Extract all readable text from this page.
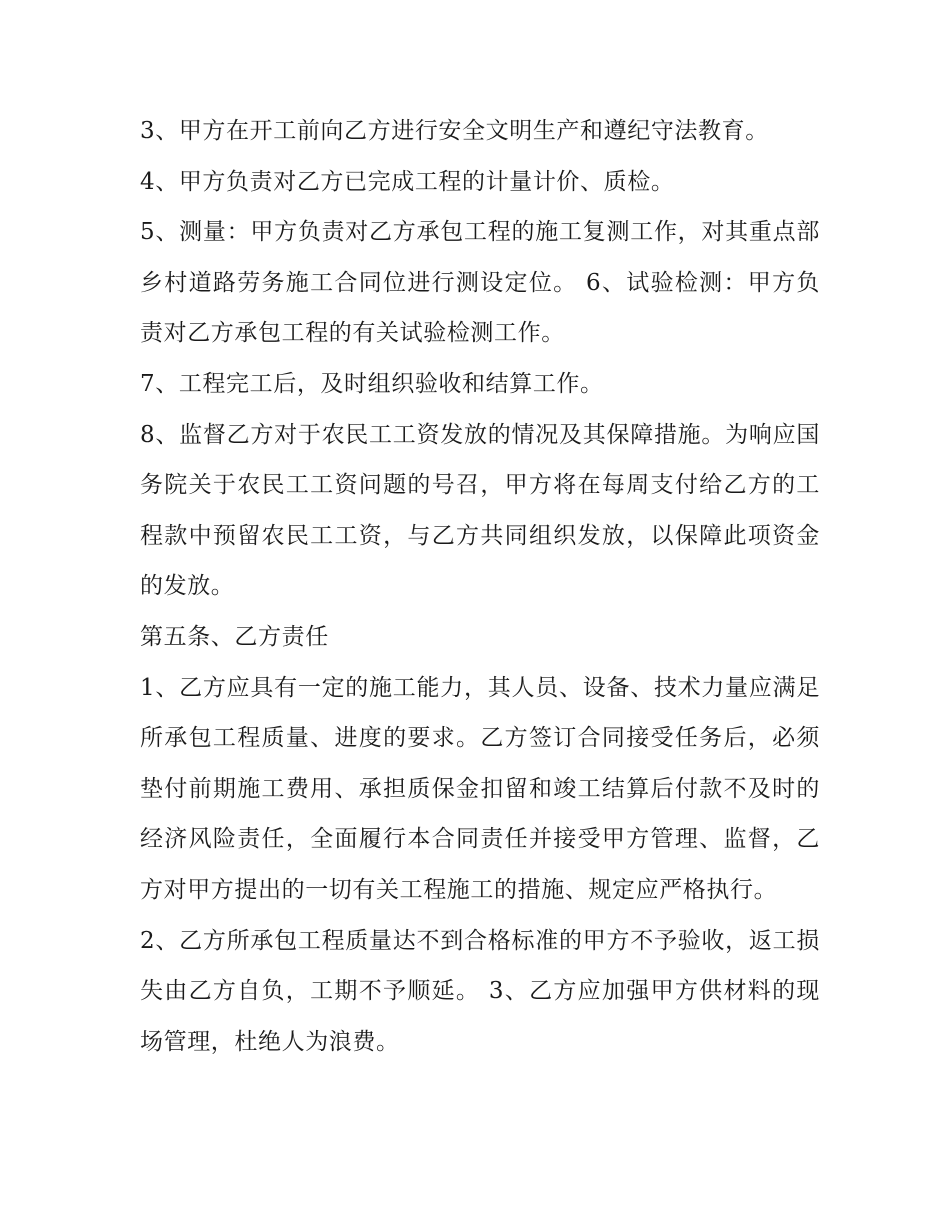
3、甲方在开工前向乙方进行安全文明生产和遵纪守法教育。

4、甲方负责对乙方已完成工程的计量计价、质检。

5、测量：甲方负责对乙方承包工程的施工复测工作，对其重点部乡村道路劳务施工合同位进行测设定位。 6、试验检测：甲方负责对乙方承包工程的有关试验检测工作。

7、工程完工后，及时组织验收和结算工作。

8、监督乙方对于农民工工资发放的情况及其保障措施。为响应国务院关于农民工工资问题的号召，甲方将在每周支付给乙方的工程款中预留农民工工资，与乙方共同组织发放，以保障此项资金的发放。

第五条、乙方责任

1、乙方应具有一定的施工能力，其人员、设备、技术力量应满足所承包工程质量、进度的要求。乙方签订合同接受任务后，必须垫付前期施工费用、承担质保金扣留和竣工结算后付款不及时的经济风险责任，全面履行本合同责任并接受甲方管理、监督，乙方对甲方提出的一切有关工程施工的措施、规定应严格执行。

2、乙方所承包工程质量达不到合格标准的甲方不予验收，返工损失由乙方自负，工期不予顺延。 3、乙方应加强甲方供材料的现场管理，杜绝人为浪费。
